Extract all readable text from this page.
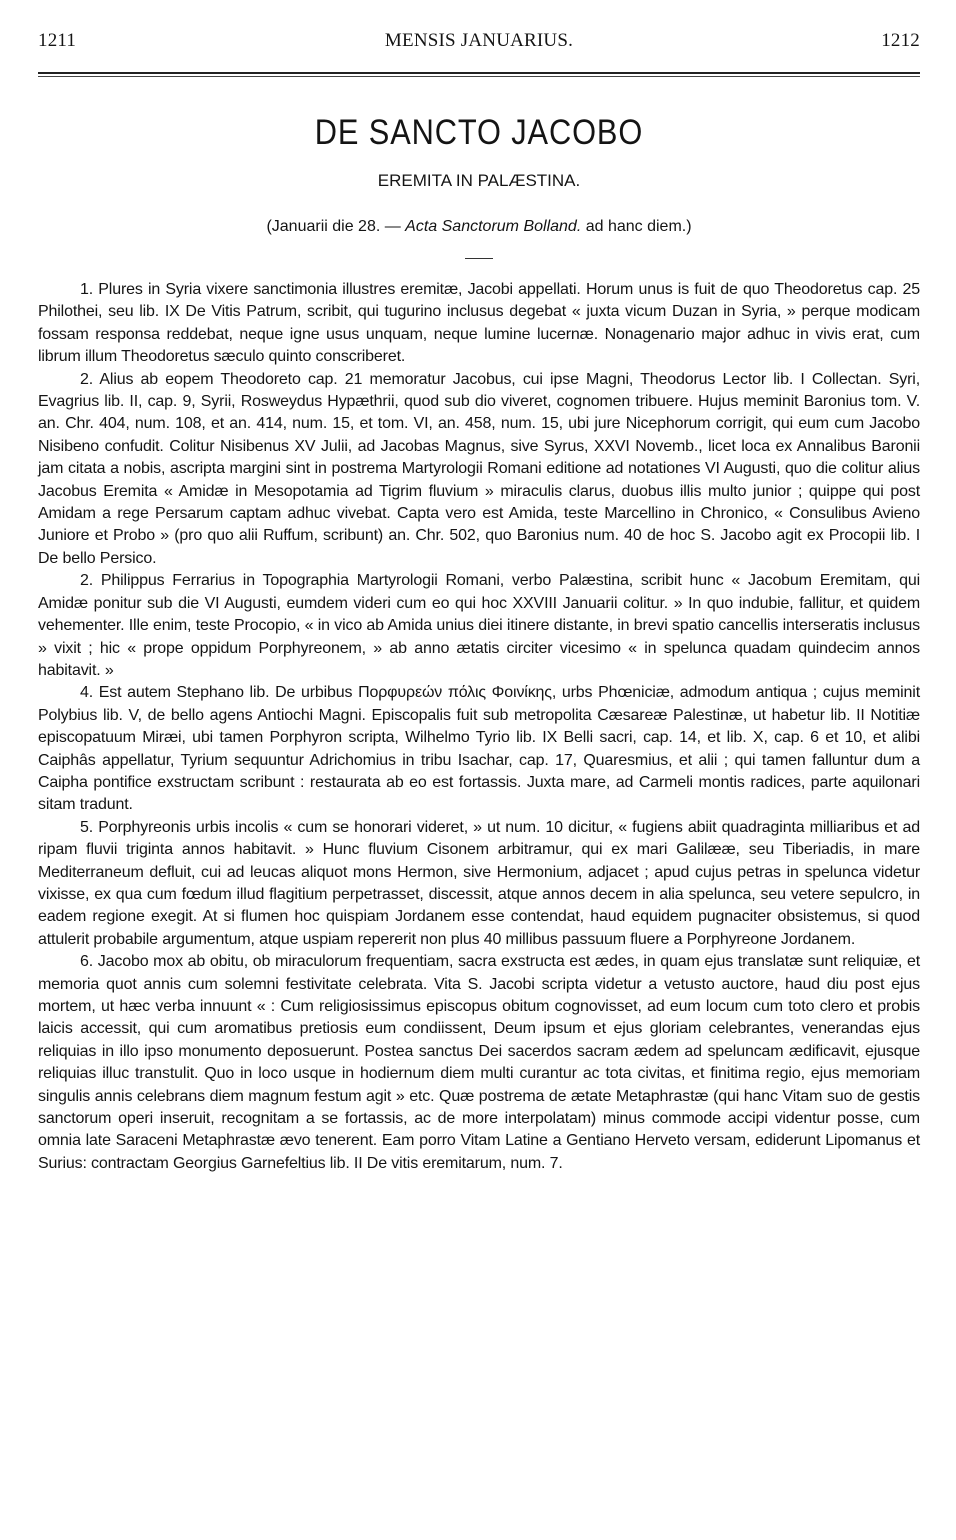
1211	MENSIS JANUARIUS.	1212
DE SANCTO JACOBO
EREMITA IN PALÆSTINA.
(Januarii die 28. — Acta Sanctorum Bolland. ad hanc diem.)

1. Plures in Syria vixere sanctimonia illustres eremitæ, Jacobi appellati. Horum unus is fuit de quo Theodoretus cap. 25 Philothei, seu lib. IX De Vitis Patrum, scribit, qui tugurino inclusus degebat « juxta vicum Duzan in Syria, » perque modicam fossam responsa reddebat, neque igne usus unquam, neque lumine lucernæ. Nonagenario major adhuc in vivis erat, cum librum illum Theodoretus sæculo quinto conscriberet.

2. Alius ab eopem Theodoreto cap. 21 memoratur Jacobus, cui ipse Magni, Theodorus Lector lib. I Collectan. Syri, Evagrius lib. II, cap. 9, Syrii, Rosweydus Hypæthrii, quod sub dio viveret, cognomen tribuere. Hujus meminit Baronius tom. V. an. Chr. 404, num. 108, et an. 414, num. 15, et tom. VI, an. 458, num. 15, ubi jure Nicephorum corrigit, qui eum cum Jacobo Nisibeno confudit. Colitur Nisibenus XV Julii, ad Jacobas Magnus, sive Syrus, XXVI Novemb., licet loca ex Annalibus Baronii jam citata a nobis, ascripta margini sint in postrema Martyrologii Romani editione ad notationes VI Augusti, quo die colitur alius Jacobus Eremita « Amidæ in Mesopotamia ad Tigrim fluvium » miraculis clarus, duobus illis multo junior ; quippe qui post Amidam a rege Persarum captam adhuc vivebat. Capta vero est Amida, teste Marcellino in Chronico, « Consulibus Avieno Juniore et Probo » (pro quo alii Ruffum, scribunt) an. Chr. 502, quo Baronius num. 40 de hoc S. Jacobo agit ex Procopii lib. I De bello Persico.

2. Philippus Ferrarius in Topographia Martyrologii Romani, verbo Palæstina, scribit hunc « Jacobum Eremitam, qui Amidæ ponitur sub die VI Augusti, eumdem videri cum eo qui hoc XXVIII Januarii colitur. » In quo indubie, fallitur, et quidem vehementer. Ille enim, teste Procopio, « in vico ab Amida unius diei itinere distante, in brevi spatio cancellis interseratis inclusus » vixit ; hic « prope oppidum Porphyreonem, » ab anno ætatis circiter vicesimo « in spelunca quadam quindecim annos habitavit. »

4. Est autem Stephano lib. De urbibus Πορφυρεών πόλις Φοινίκης, urbs Phœniciæ, admodum antiqua ; cujus meminit Polybius lib. V, de bello agens Antiochi Magni. Episcopalis fuit sub metropolita Cæsareæ Palestinæ, ut habetur lib. II Notitiæ episcopatuum Miræi, ubi tamen Porphyron scripta, Wilhelmo Tyrio lib. IX Belli sacri, cap. 14, et lib. X, cap. 6 et 10, et alibi Caiphâs appellatur, Tyrium sequuntur Adrichomius in tribu Isachar, cap. 17, Quaresmius, et alii ; qui tamen falluntur dum a Caipha pontifice exstructam scribunt : restaurata ab eo est fortassis. Juxta mare, ad Carmeli montis radices, parte aquilonari sitam tradunt.

5. Porphyreonis urbis incolis « cum se honorari videret, » ut num. 10 dicitur, « fugiens abiit quadraginta milliaribus et ad ripam fluvii triginta annos habitavit. » Hunc fluvium Cisonem arbitramur, qui ex mari Galilææ, seu Tiberiadis, in mare Mediterraneum defluit, cui ad leucas aliquot mons Hermon, sive Hermonium, adjacet ; apud cujus petras in spelunca videtur vixisse, ex qua cum fœdum illud flagitium perpetrasset, discessit, atque annos decem in alia spelunca, seu vetere sepulcro, in eadem regione exegit. At si flumen hoc quispiam Jordanem esse contendat, haud equidem pugnaciter obsistemus, si quod attulerit probabile argumentum, atque uspiam repererit non plus 40 millibus passuum fluere a Porphyreone Jordanem.

6. Jacobo mox ab obitu, ob miraculorum frequentiam, sacra exstructa est ædes, in quam ejus translatæ sunt reliquiæ, et memoria quot annis cum solemni festivitate celebrata. Vita S. Jacobi scripta videtur a vetusto auctore, haud diu post ejus mortem, ut hæc verba innuunt « : Cum religiosissimus episcopus obitum cognovisset, ad eum locum cum toto clero et probis laicis accessit, qui cum aromatibus pretiosis eum condiissent, Deum ipsum et ejus gloriam celebrantes, venerandas ejus reliquias in illo ipso monumento deposuerunt. Postea sanctus Dei sacerdos sacram ædem ad speluncam ædificavit, ejusque reliquias illuc transtulit. Quo in loco usque in hodiernum diem multi curantur ac tota civitas, et finitima regio, ejus memoriam singulis annis celebrans diem magnum festum agit » etc. Quæ postrema de ætate Metaphrastæ (qui hanc Vitam suo de gestis sanctorum operi inseruit, recognitam a se fortassis, ac de more interpolatam) minus commode accipi videntur posse, cum omnia late Saraceni Metaphrastæ ævo tenerent. Eam porro Vitam Latine a Gentiano Herveto versam, ediderunt Lipomanus et Surius: contractam Georgius Garnefeltius lib. II De vitis eremitarum, num. 7.
